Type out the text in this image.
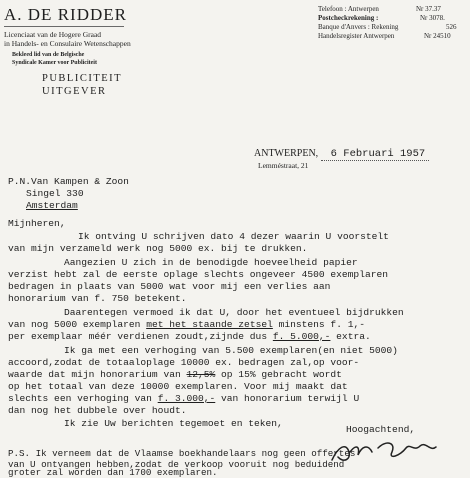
A. DE RIDDER
Licenciaat van de Hogere Graad
in Handels- en Consulaire Wetenschappen
Bekleed lid van de Belgische
Syndicale Kamer voor Publiciteit
PUBLICITEIT
UITGEVER
Telefoon : Antwerpen	Nr 37.37
Postcheckrekening :	Nr 3078.
Banque d'Anvers : Rekening	526
Handelsregister Antwerpen	Nr 24510
ANTWERPEN, 6 Februari 1957
Lemméstraat, 21
P.N.Van Kampen & Zoon
Singel 330
Amsterdam
Mijnheren,
Ik ontving U schrijven dato 4 dezer waarin U voorstelt
van mijn verzameld werk nog 5000 ex. bij te drukken.
Aangezien U zich in de benodigde hoeveelheid papier
verzist hebt zal de eerste oplage slechts ongeveer 4500 exemplaren
bedragen in plaats van 5000 wat voor mij een verlies aan
honorarium van f. 750 betekent.
Daarentegen vermoed ik dat U, door het eventueel bijdrukken
van nog 5000 exemplaren met het staande zetsel minstens f. 1,-
per exemplaar méér verdienen zoudt,zijnde dus f. 5.000,- extra.
Ik ga met een verhoging van 5.500 exemplaren(en niet 5000)
accoord,zodat de totaaloplage 10000 ex. bedragen zal,op voor-
waarde dat mijn honorarium van 12,5% op 15% gebracht wordt
op het totaal van deze 10000 exemplaren. Voor mij maakt dat
slechts een verhoging van f. 3.000,- van honorarium terwijl U
dan nog het dubbele over houdt.
Ik zie Uw berichten tegemoet en teken,
Hoogachtend,
P.S. Ik verneem dat de Vlaamse boekhandelaars nog geen offertes
van U ontvangen hebben,zodat de verkoop vooruit nog beduidend
groter zal worden dan 1700 exemplaren.
